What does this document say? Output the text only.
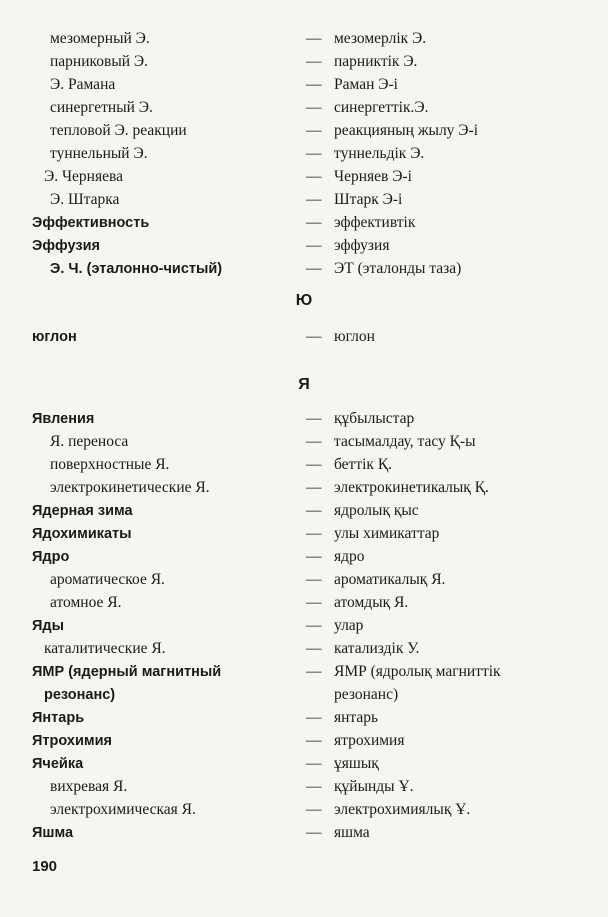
мезомерный Э.	— мезомерлік Э.
парниковый Э.	— парниктік Э.
Э. Рамана	— Раман Э-і
синергетный Э.	— синергеттік.Э.
тепловой Э. реакции	— реакцияның жылу Э-і
туннельный Э.	— туннельдік Э.
Э. Черняева	— Черняев Э-і
Э. Штарка	— Штарк Э-і
Эффективность	— эффективтік
Эффузия	— эффузия
Э. Ч. (эталонно-чистый)	— ЭТ (эталонды таза)
Ю
юглон	— юглон
Я
Явления	— құбылыстар
Я. переноса	— тасымалдау, тасу Қ-ы
поверхностные Я.	— беттік Қ.
электрокинетические Я.	— электрокинетикалық Қ.
Ядерная зима	— ядролық қыс
Ядохимикаты	— улы химикаттар
Ядро	— ядро
ароматическое Я.	— ароматикалық Я.
атомное Я.	— атомдық Я.
Яды	— улар
каталитические Я.	— катализдік У.
ЯМР (ядерный магнитный	— ЯМР (ядролық магниттік
резонанс)	резонанс)
Янтарь	— янтарь
Ятрохимия	— ятрохимия
Ячейка	— ұяшық
вихревая Я.	— құйынды Ұ.
электрохимическая Я.	— электрохимиялық Ұ.
Яшма	— яшма
190
